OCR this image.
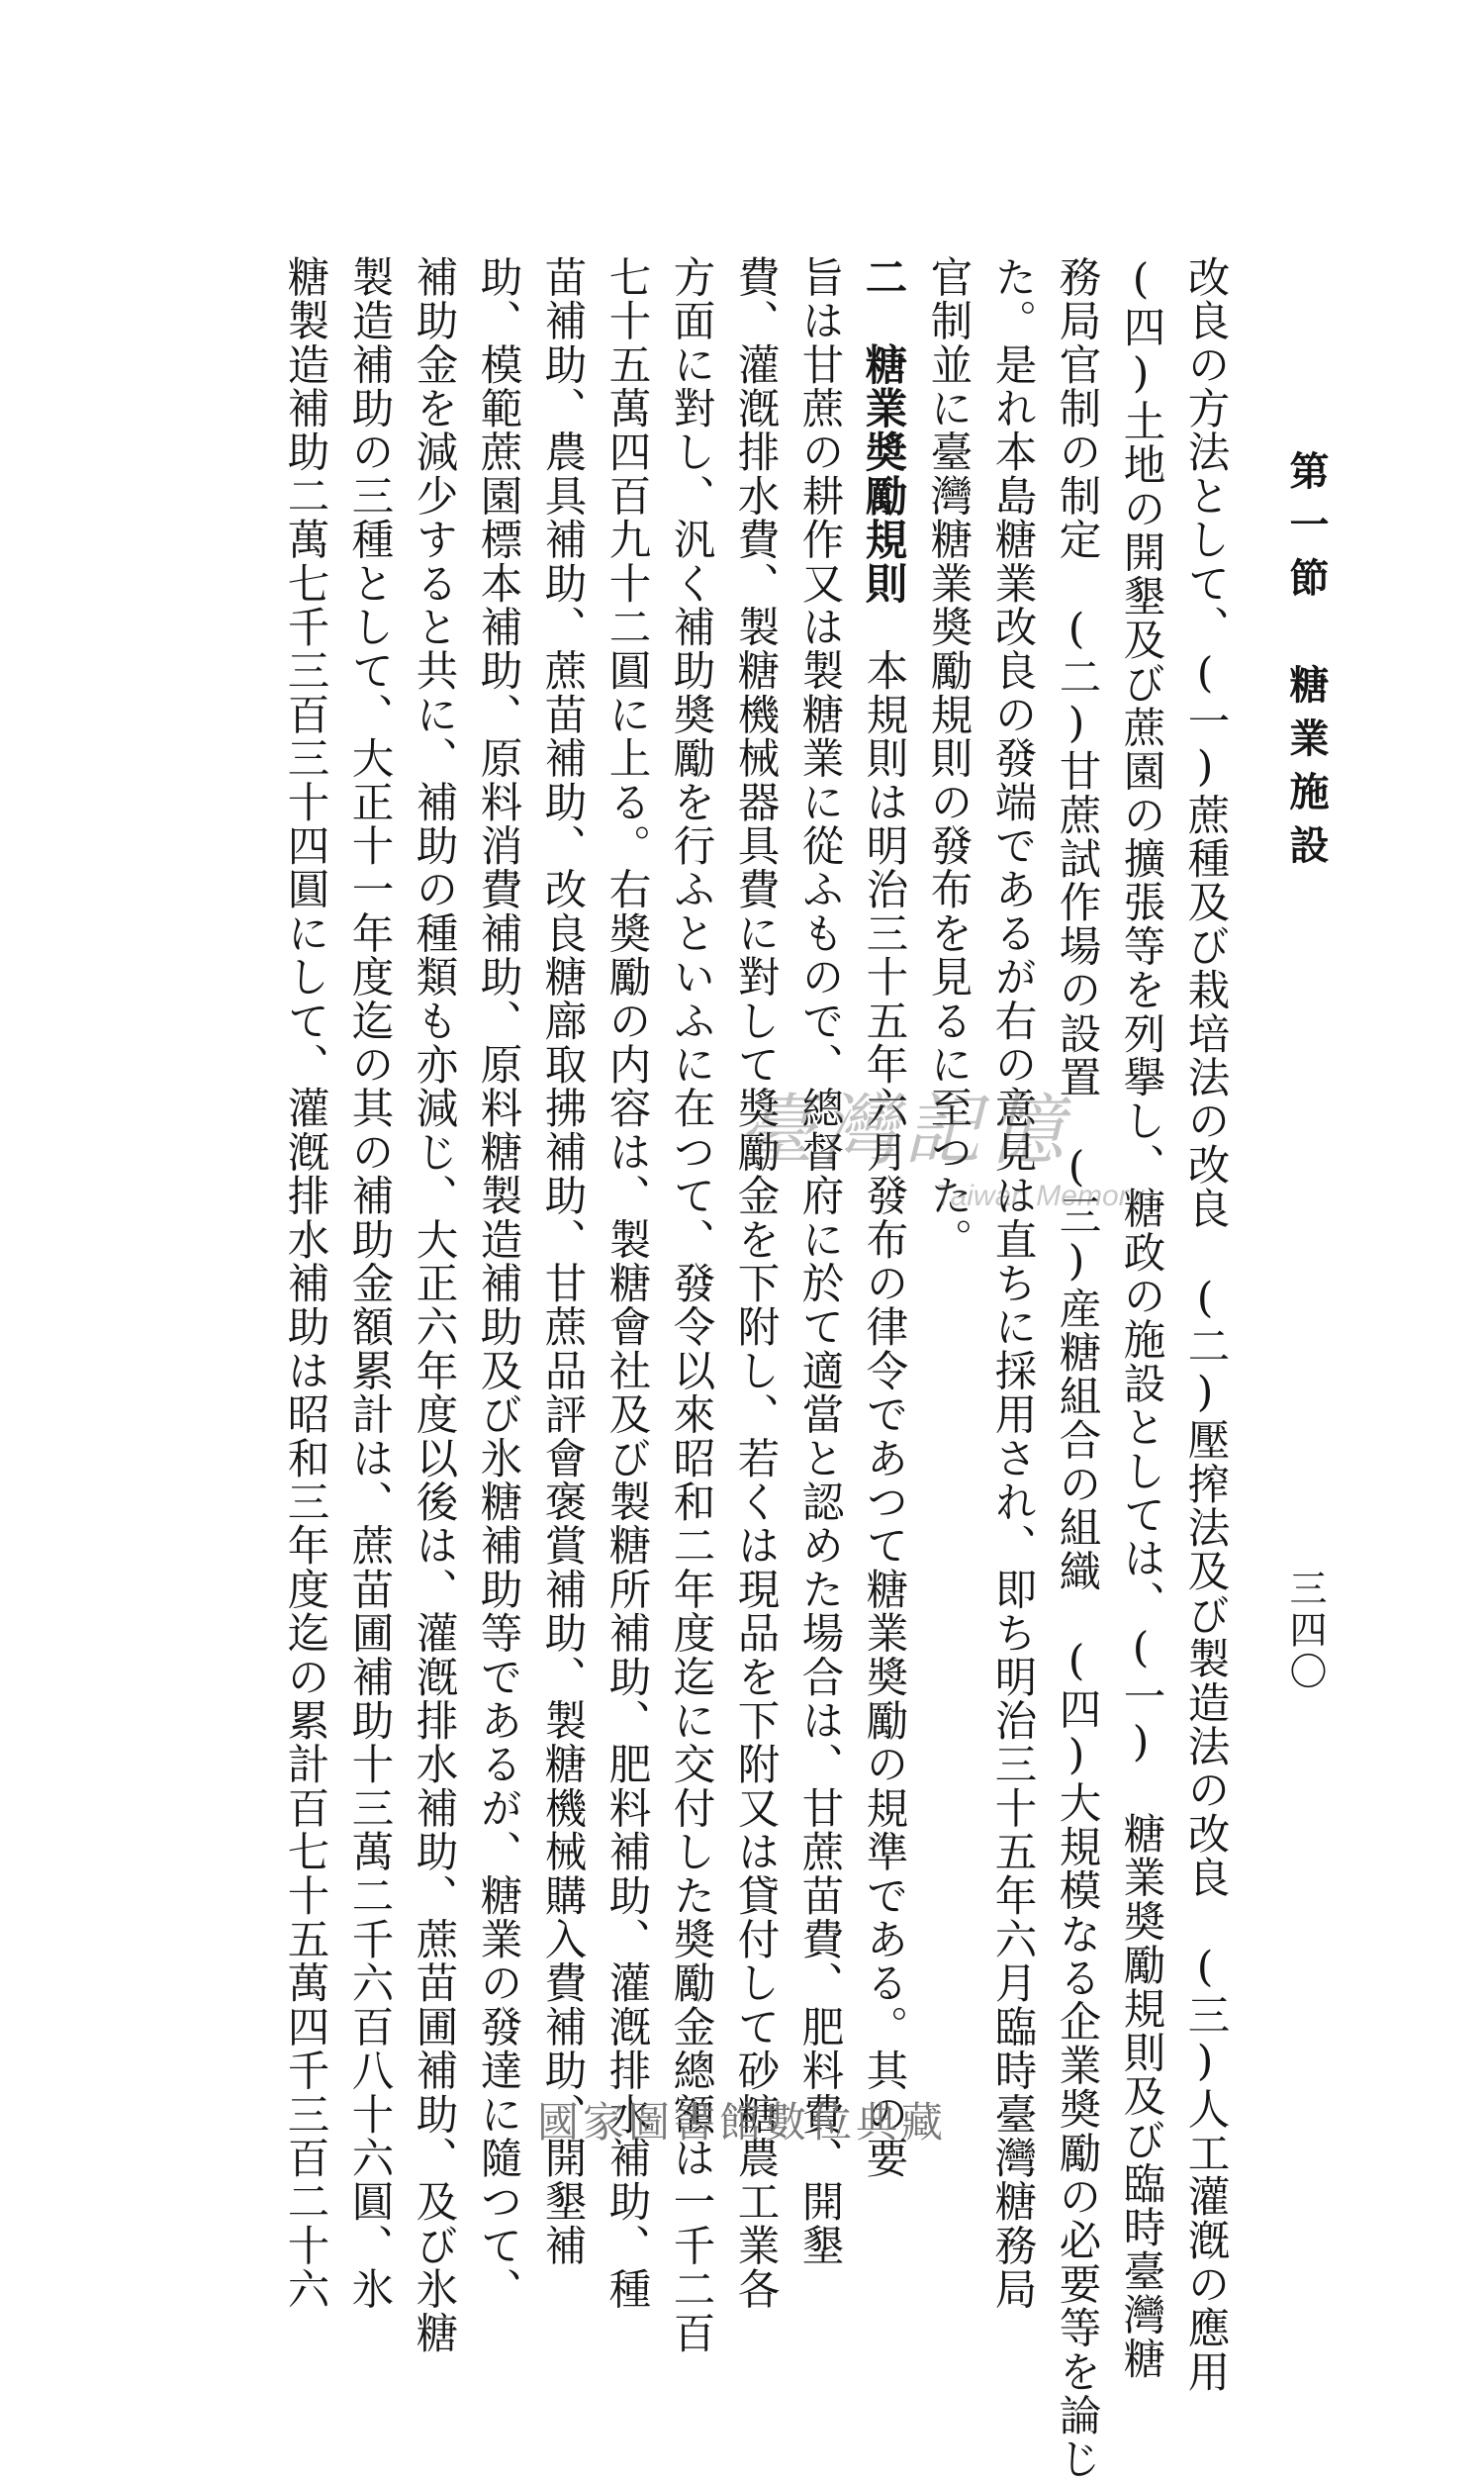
第一節　糖業施設
三四〇
改良の方法として、(一)蔗種及び栽培法の改良　(二)壓搾法及び製造法の改良　(三)人工灌漑の應用
(四)土地の開墾及び蔗園の擴張等を列擧し、糖政の施設としては、(一)　糖業奬勵規則及び臨時臺灣糖
務局官制の制定　(二)甘蔗試作場の設置　(三)産糖組合の組織　(四)大規模なる企業奬勵の必要等を論じ
た。是れ本島糖業改良の發端であるが右の意見は直ちに採用され、即ち明治三十五年六月臨時臺灣糖務局
官制並に臺灣糖業奬勵規則の發布を見るに至つた。
二　糖業奬勵規則　本規則は明治三十五年六月發布の律令であつて糖業奬勵の規準である。其の要
旨は甘蔗の耕作又は製糖業に從ふもので、總督府に於て適當と認めた場合は、甘蔗苗費、肥料費、開墾
費、灌漑排水費、製糖機械器具費に對して奬勵金を下附し、若くは現品を下附又は貸付して砂糖農工業各
方面に對し、汎く補助奬勵を行ふといふに在つて、發令以來昭和二年度迄に交付した奬勵金總額は一千二百
七十五萬四百九十二圓に上る。右奬勵の内容は、製糖會社及び製糖所補助、肥料補助、灌漑排水補助、種
苗補助、農具補助、蔗苗補助、改良糖廍取拂補助、甘蔗品評會褒賞補助、製糖機械購入費補助、開墾補
助、模範蔗園標本補助、原料消費補助、原料糖製造補助及び氷糖補助等であるが、糖業の發達に隨つて、
補助金を減少すると共に、補助の種類も亦減じ、大正六年度以後は、灌漑排水補助、蔗苗圃補助、及び氷糖
製造補助の三種として、大正十一年度迄の其の補助金額累計は、蔗苗圃補助十三萬二千六百八十六圓、氷
糖製造補助二萬七千三百三十四圓にして、灌漑排水補助は昭和三年度迄の累計百七十五萬四千三百二十六	臺灣記憶
Taiwan Memory
國家圖書館數位典藏
